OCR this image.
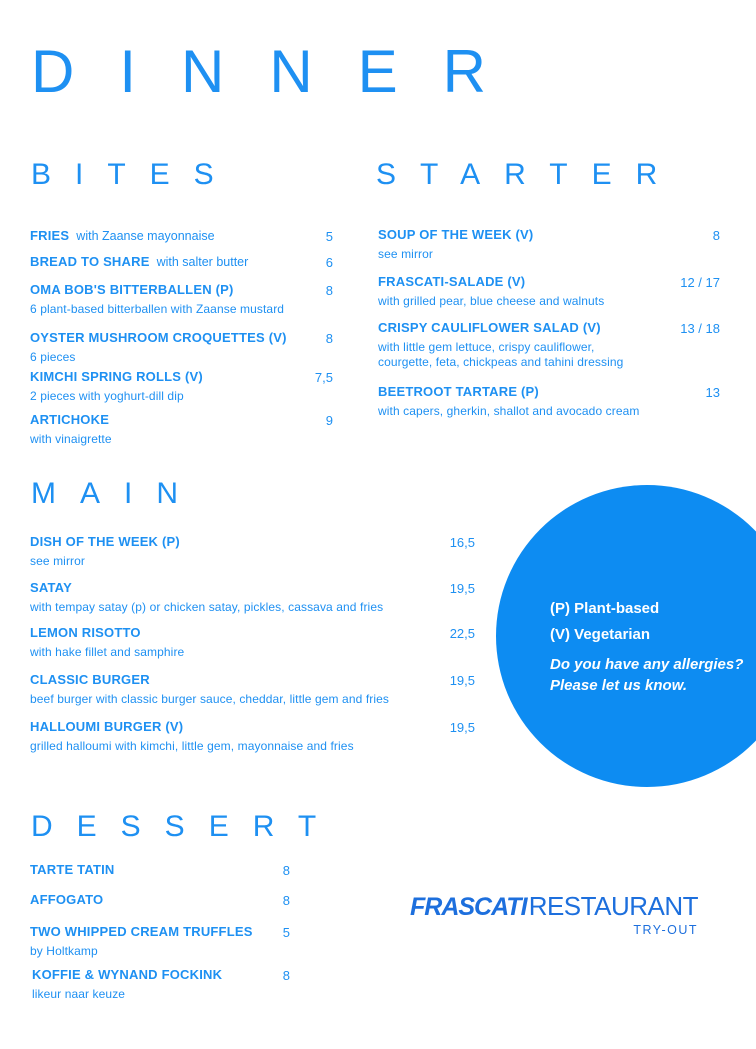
DINNER
BITES
FRIES with Zaanse mayonnaise	5
BREAD TO SHARE with salter butter	6
OMA BOB'S BITTERBALLEN (P)	8
6 plant-based bitterballen with Zaanse mustard
OYSTER MUSHROOM CROQUETTES (V)	8
6 pieces
KIMCHI SPRING ROLLS (V)	7,5
2 pieces with yoghurt-dill dip
ARTICHOKE	9
with vinaigrette
STARTER
SOUP OF THE WEEK (V)	8
see mirror
FRASCATI-SALADE (V)	12 / 17
with grilled pear, blue cheese and walnuts
CRISPY CAULIFLOWER SALAD (V)	13 / 18
with little gem lettuce, crispy cauliflower,
courgette, feta, chickpeas and tahini dressing
BEETROOT TARTARE (P)	13
with capers, gherkin, shallot and avocado cream
MAIN
DISH OF THE WEEK (P)	16,5
see mirror
SATAY	19,5
with tempay satay (p) or chicken satay, pickles, cassava and fries
LEMON RISOTTO	22,5
with hake fillet and samphire
CLASSIC BURGER	19,5
beef burger with classic burger sauce, cheddar, little gem and fries
HALLOUMI BURGER (V)	19,5
grilled halloumi with kimchi, little gem, mayonnaise and fries
(P) Plant-based
(V) Vegetarian
Do you have any allergies?
Please let us know.
DESSERT
TARTE TATIN	8
AFFOGATO	8
TWO WHIPPED CREAM TRUFFLES 5
by Holtkamp
KOFFIE & WYNAND FOCKINK	8
likeur naar keuze
FRASCATI RESTAURANT
TRY-OUT
